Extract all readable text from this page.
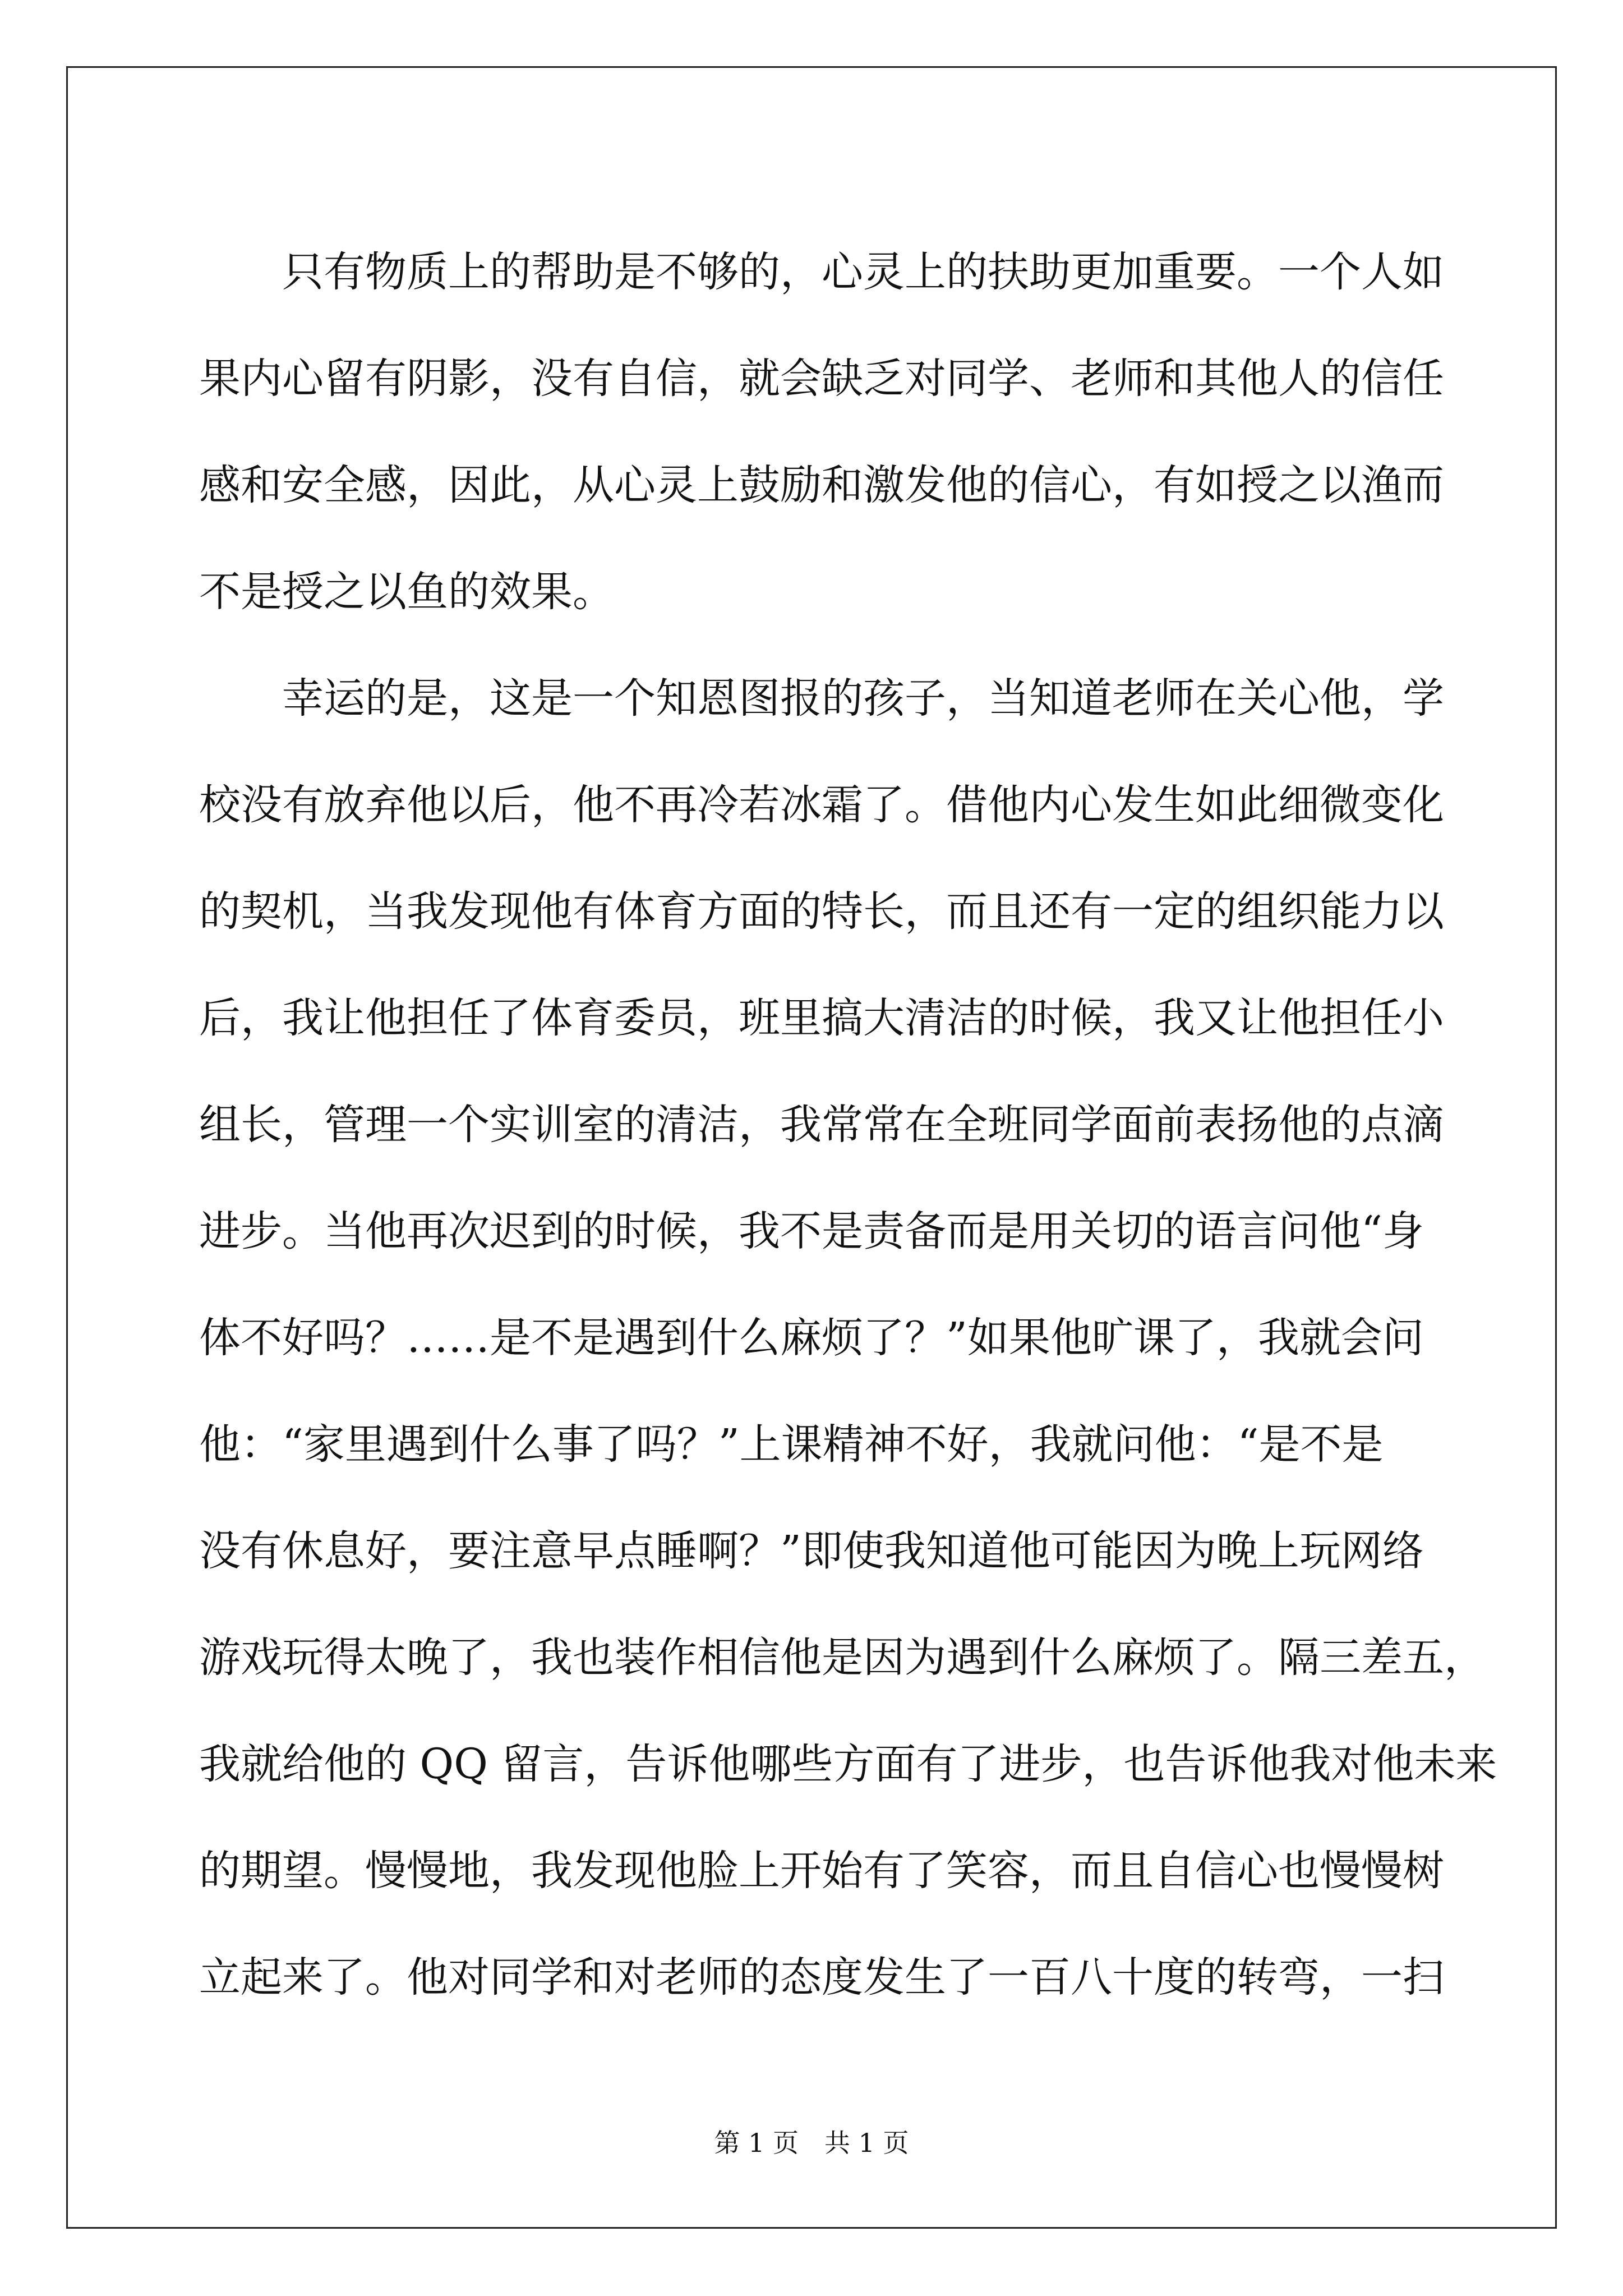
只有物质上的帮助是不够的，心灵上的扶助更加重要。一个人如
果内心留有阴影，没有自信，就会缺乏对同学、老师和其他人的信任
感和安全感，因此，从心灵上鼓励和激发他的信心，有如授之以渔而
不是授之以鱼的效果。
幸运的是，这是一个知恩图报的孩子，当知道老师在关心他，学
校没有放弃他以后，他不再冷若冰霜了。借他内心发生如此细微变化
的契机，当我发现他有体育方面的特长，而且还有一定的组织能力以
后，我让他担任了体育委员，班里搞大清洁的时候，我又让他担任小
组长，管理一个实训室的清洁，我常常在全班同学面前表扬他的点滴
进步。当他再次迟到的时候，我不是责备而是用关切的语言问他“身
体不好吗？……是不是遇到什么麻烦了？”如果他旷课了，我就会问
他：“家里遇到什么事了吗？”上课精神不好，我就问他：“是不是
没有休息好，要注意早点睡啊？”即使我知道他可能因为晚上玩网络
游戏玩得太晚了，我也装作相信他是因为遇到什么麻烦了。隔三差五，
我就给他的 QQ 留言，告诉他哪些方面有了进步，也告诉他我对他未来
的期望。慢慢地，我发现他脸上开始有了笑容，而且自信心也慢慢树
立起来了。他对同学和对老师的态度发生了一百八十度的转弯，一扫
第 1 页　共 1 页
